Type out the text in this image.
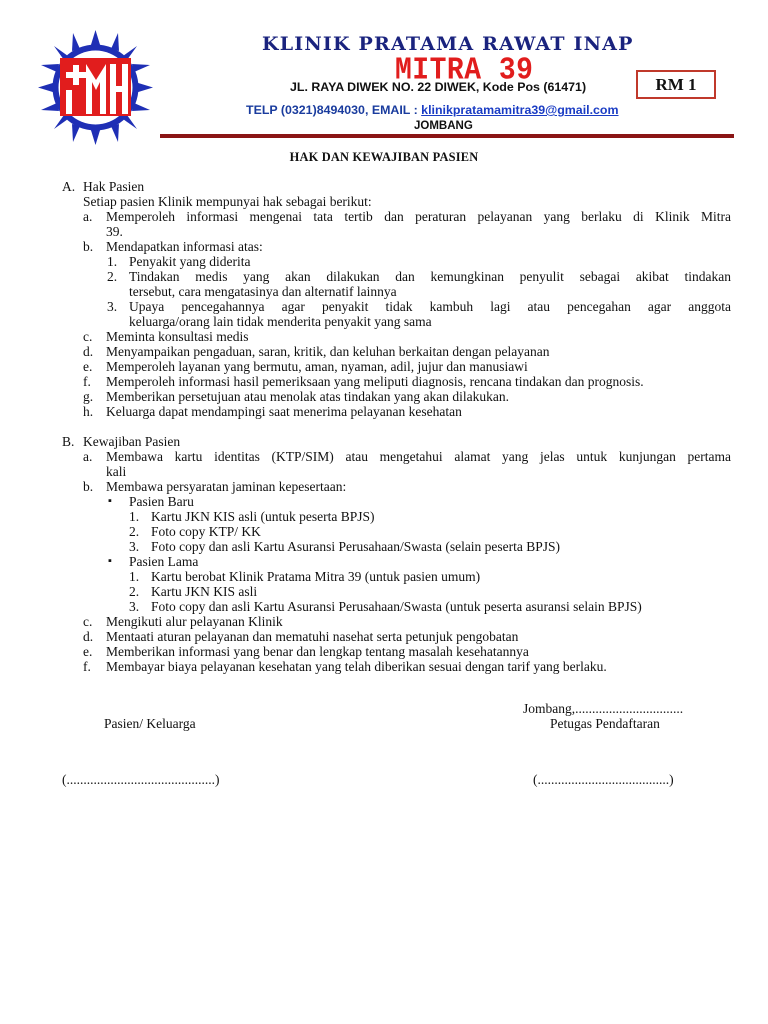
KLINIK PRATAMA RAWAT INAP
MITRA 39
JL. RAYA DIWEK NO. 22 DIWEK, Kode Pos (61471)
TELP (0321)8494030, EMAIL : klinikpratamamitra39@gmail.com
JOMBANG
RM 1
HAK DAN KEWAJIBAN PASIEN
A. Hak Pasien
Setiap pasien Klinik mempunyai hak sebagai berikut:
a. Memperoleh informasi mengenai tata tertib dan peraturan pelayanan yang berlaku di Klinik Mitra
39.
b. Mendapatkan informasi atas:
1. Penyakit yang diderita
2. Tindakan medis yang akan dilakukan dan kemungkinan penyulit sebagai akibat tindakan
tersebut, cara mengatasinya dan alternatif lainnya
3. Upaya pencegahannya agar penyakit tidak kambuh lagi atau pencegahan agar anggota
keluarga/orang lain tidak menderita penyakit yang sama
c. Meminta konsultasi medis
d. Menyampaikan pengaduan, saran, kritik, dan keluhan berkaitan dengan pelayanan
e. Memperoleh layanan yang bermutu, aman, nyaman, adil, jujur dan manusiawi
f. Memperoleh informasi hasil pemeriksaan yang meliputi diagnosis, rencana tindakan dan prognosis.
g. Memberikan persetujuan atau menolak atas tindakan yang akan dilakukan.
h. Keluarga dapat mendampingi saat menerima pelayanan kesehatan
B. Kewajiban Pasien
a. Membawa kartu identitas (KTP/SIM) atau mengetahui alamat yang jelas untuk kunjungan pertama
kali
b. Membawa persyaratan jaminan kepesertaan:
▪ Pasien Baru
1. Kartu JKN KIS asli (untuk peserta BPJS)
2. Foto copy KTP/ KK
3. Foto copy dan asli Kartu Asuransi Perusahaan/Swasta (selain peserta BPJS)
▪ Pasien Lama
1. Kartu berobat Klinik Pratama Mitra 39 (untuk pasien umum)
2. Kartu JKN KIS asli
3. Foto copy dan asli Kartu Asuransi Perusahaan/Swasta (untuk peserta asuransi selain BPJS)
c. Mengikuti alur pelayanan Klinik
d. Mentaati aturan pelayanan dan mematuhi nasehat serta petunjuk pengobatan
e. Memberikan informasi yang benar dan lengkap tentang masalah kesehatannya
f. Membayar biaya pelayanan kesehatan yang telah diberikan sesuai dengan tarif yang berlaku.
Jombang,................................
Petugas Pendaftaran
Pasien/ Keluarga
(............................................)	(.......................................)
